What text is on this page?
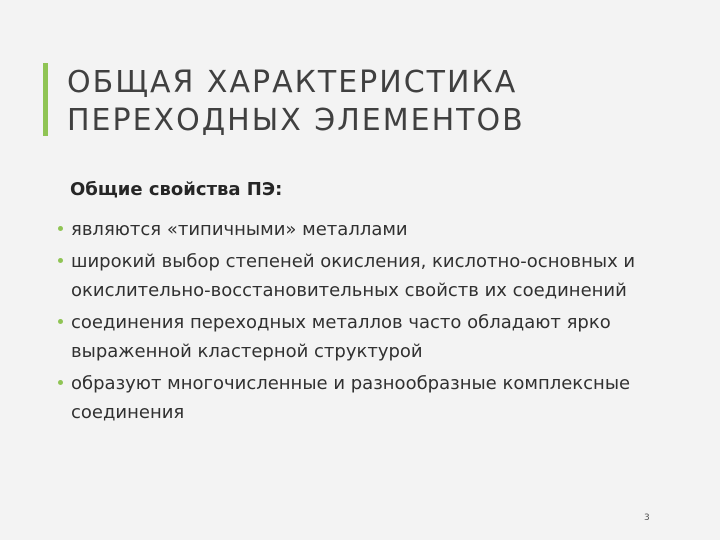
ОБЩАЯ ХАРАКТЕРИСТИКА
ПЕРЕХОДНЫХ ЭЛЕМЕНТОВ

Общие свойства ПЭ:

являются «типичными» металлами
широкий выбор степеней окисления, кислотно-основных и окислительно-восстановительных свойств их соединений
соединения переходных металлов часто обладают ярко выраженной кластерной структурой
образуют многочисленные и разнообразные комплексные соединения
3
